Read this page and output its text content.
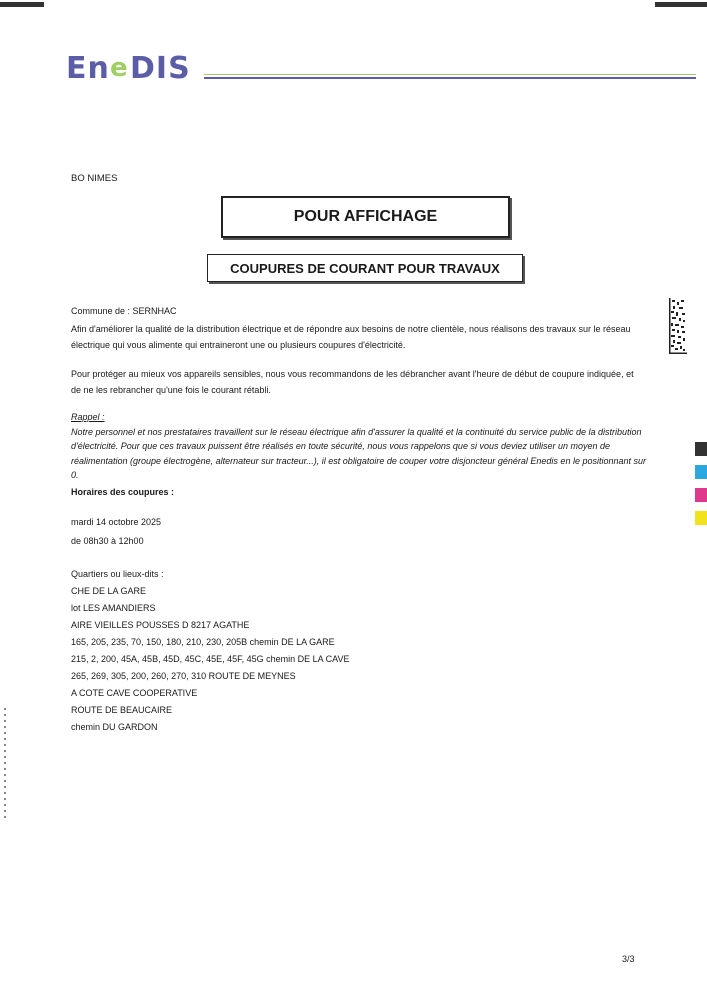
En e DIS
BO NIMES
POUR AFFICHAGE
COUPURES DE COURANT POUR TRAVAUX
Commune de : SERNHAC
Afin d'améliorer la qualité de la distribution électrique et de répondre aux besoins de notre clientèle, nous réalisons des travaux sur le réseau électrique qui vous alimente qui entraineront une ou plusieurs coupures d'électricité.
Pour protéger au mieux vos appareils sensibles, nous vous recommandons de les débrancher avant l'heure de début de coupure indiquée, et de ne les rebrancher qu'une fois le courant rétabli.
Rappel :
Notre personnel et nos prestataires travaillent sur le réseau électrique afin d'assurer la qualité et la continuité du service public de la distribution d'électricité. Pour que ces travaux puissent être réalisés en toute sécurité, nous vous rappelons que si vous deviez utiliser un moyen de réalimentation (groupe électrogène, alternateur sur tracteur...), il est obligatoire de couper votre disjoncteur général Enedis en le positionnant sur 0.
Horaires des coupures :
mardi 14 octobre 2025
de 08h30 à 12h00
Quartiers ou lieux-dits :
CHE DE LA GARE
lot LES AMANDIERS
AIRE VIEILLES POUSSES D 8217 AGATHE
165, 205, 235, 70, 150, 180, 210, 230, 205B chemin DE LA GARE
215, 2, 200, 45A, 45B, 45D, 45C, 45E, 45F, 45G chemin DE LA CAVE
265, 269, 305, 200, 260, 270, 310 ROUTE DE MEYNES
A COTE CAVE COOPERATIVE
ROUTE DE BEAUCAIRE
chemin DU GARDON
3/3
